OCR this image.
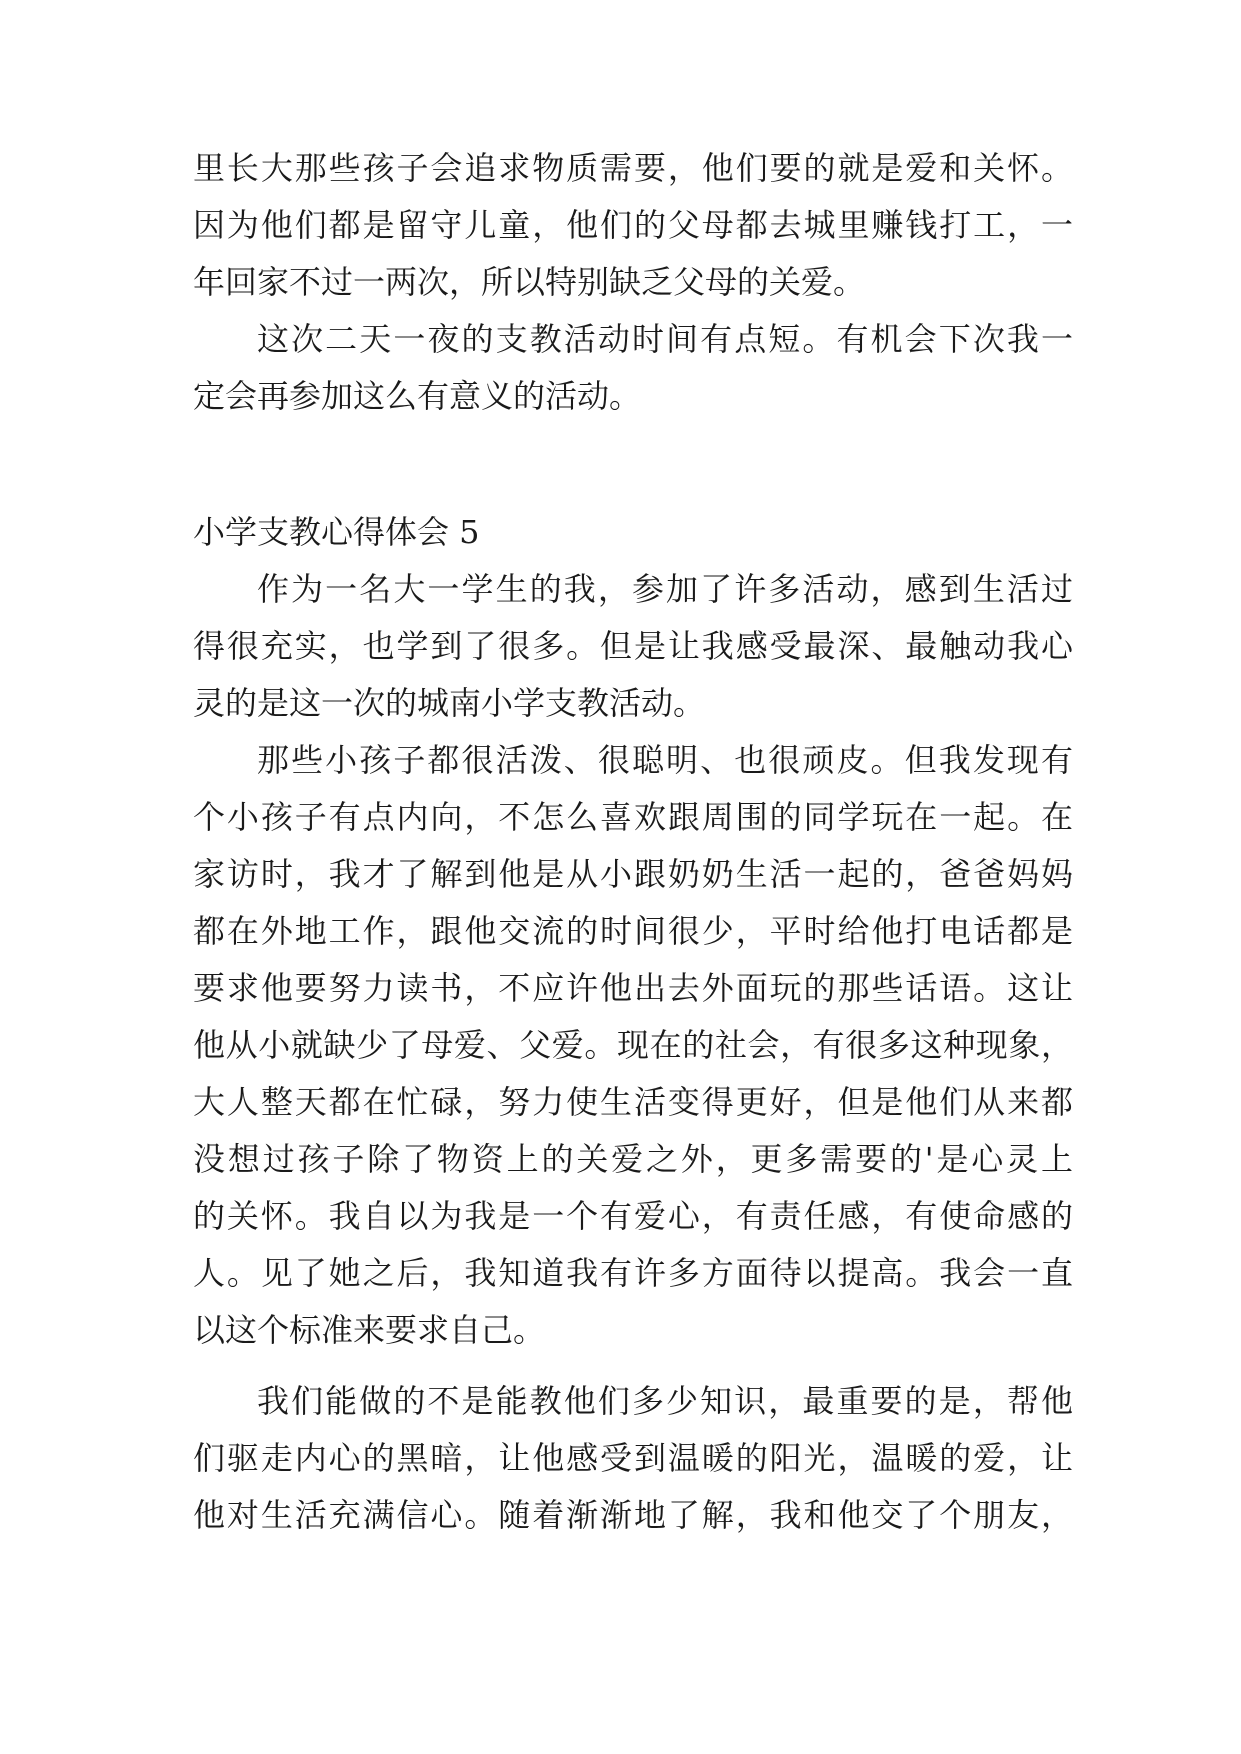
里长大那些孩子会追求物质需要，他们要的就是爱和关怀。
因为他们都是留守儿童，他们的父母都去城里赚钱打工，一
年回家不过一两次，所以特别缺乏父母的关爱。
这次二天一夜的支教活动时间有点短。有机会下次我一
定会再参加这么有意义的活动。
小学支教心得体会 5
作为一名大一学生的我，参加了许多活动，感到生活过
得很充实，也学到了很多。但是让我感受最深、最触动我心
灵的是这一次的城南小学支教活动。
那些小孩子都很活泼、很聪明、也很顽皮。但我发现有
个小孩子有点内向，不怎么喜欢跟周围的同学玩在一起。在
家访时，我才了解到他是从小跟奶奶生活一起的，爸爸妈妈
都在外地工作，跟他交流的时间很少，平时给他打电话都是
要求他要努力读书，不应许他出去外面玩的那些话语。这让
他从小就缺少了母爱、父爱。现在的社会，有很多这种现象，
大人整天都在忙碌，努力使生活变得更好，但是他们从来都
没想过孩子除了物资上的关爱之外，更多需要的'是心灵上
的关怀。我自以为我是一个有爱心，有责任感，有使命感的
人。见了她之后，我知道我有许多方面待以提高。我会一直
以这个标准来要求自己。
我们能做的不是能教他们多少知识，最重要的是，帮他
们驱走内心的黑暗，让他感受到温暖的阳光，温暖的爱，让
他对生活充满信心。随着渐渐地了解，我和他交了个朋友，
